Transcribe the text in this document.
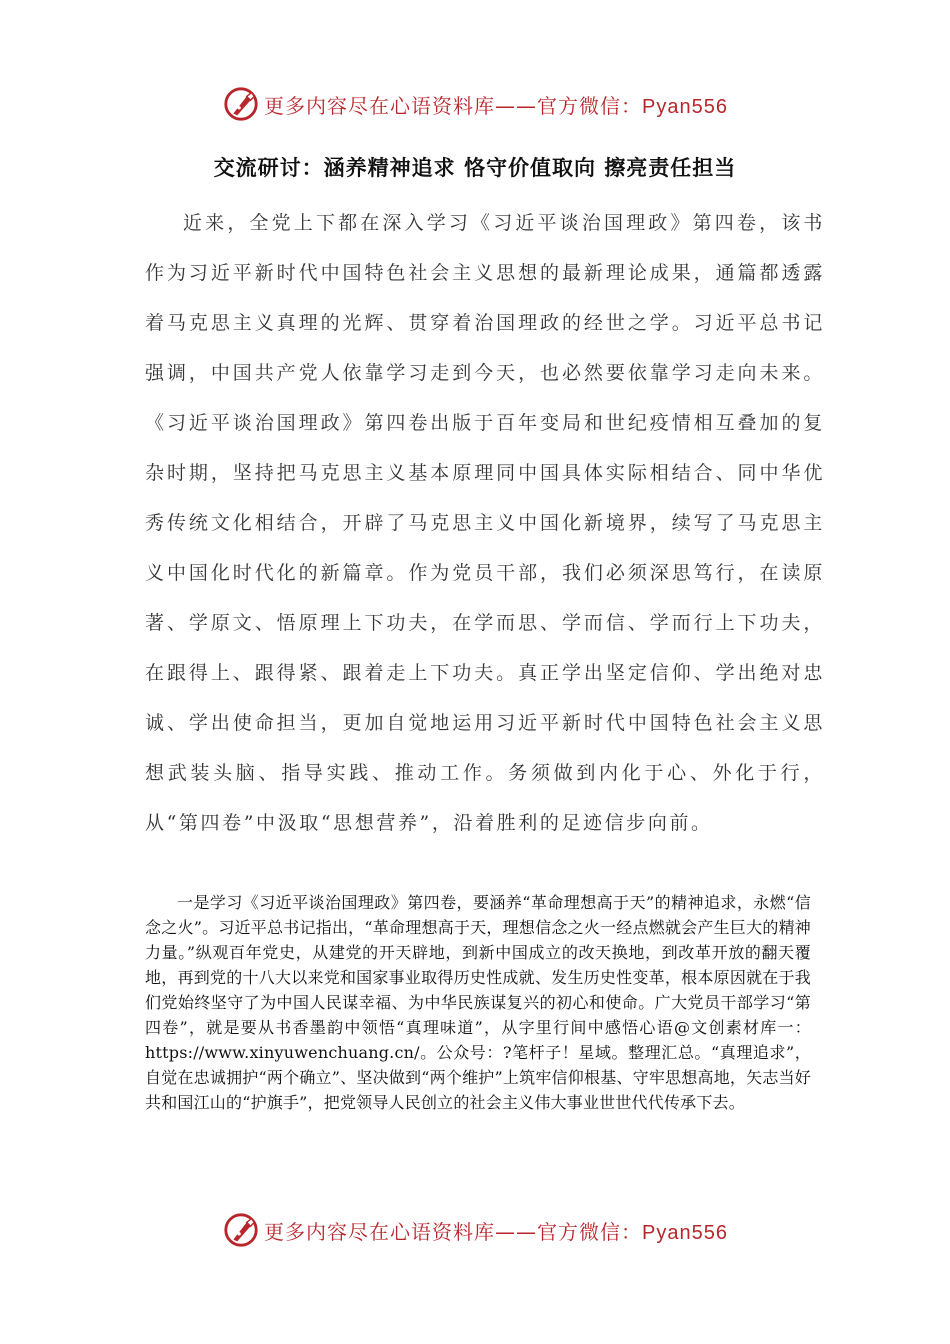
更多内容尽在心语资料库——官方微信：Pyan556
交流研讨：涵养精神追求 恪守价值取向 擦亮责任担当

近来，全党上下都在深入学习《习近平谈治国理政》第四卷，该书作为习近平新时代中国特色社会主义思想的最新理论成果，通篇都透露着马克思主义真理的光辉、贯穿着治国理政的经世之学。习近平总书记强调，中国共产党人依靠学习走到今天，也必然要依靠学习走向未来。《习近平谈治国理政》第四卷出版于百年变局和世纪疫情相互叠加的复杂时期，坚持把马克思主义基本原理同中国具体实际相结合、同中华优秀传统文化相结合，开辟了马克思主义中国化新境界，续写了马克思主义中国化时代化的新篇章。作为党员干部，我们必须深思笃行，在读原著、学原文、悟原理上下功夫，在学而思、学而信、学而行上下功夫，在跟得上、跟得紧、跟着走上下功夫。真正学出坚定信仰、学出绝对忠诚、学出使命担当，更加自觉地运用习近平新时代中国特色社会主义思想武装头脑、指导实践、推动工作。务须做到内化于心、外化于行，从“第四卷”中汲取“思想营养”，沿着胜利的足迹信步向前。

一是学习《习近平谈治国理政》第四卷，要涵养“革命理想高于天”的精神追求，永燃“信念之火”。习近平总书记指出，“革命理想高于天，理想信念之火一经点燃就会产生巨大的精神力量。”纵观百年党史，从建党的开天辟地，到新中国成立的改天换地，到改革开放的翻天覆地，再到党的十八大以来党和国家事业取得历史性成就、发生历史性变革，根本原因就在于我们党始终坚守了为中国人民谋幸福、为中华民族谋复兴的初心和使命。广大党员干部学习“第四卷”，就是要从书香墨韵中领悟“真理味道”，从字里行间中感悟心语@文创素材库一：https://www.xinyuwenchuang.cn/。公众号：?笔杆子！星域。整理汇总。“真理追求”，自觉在忠诚拥护“两个确立”、坚决做到“两个维护”上筑牢信仰根基、守牢思想高地，矢志当好共和国江山的“护旗手”，把党领导人民创立的社会主义伟大事业世世代代传承下去。

更多内容尽在心语资料库——官方微信：Pyan556
